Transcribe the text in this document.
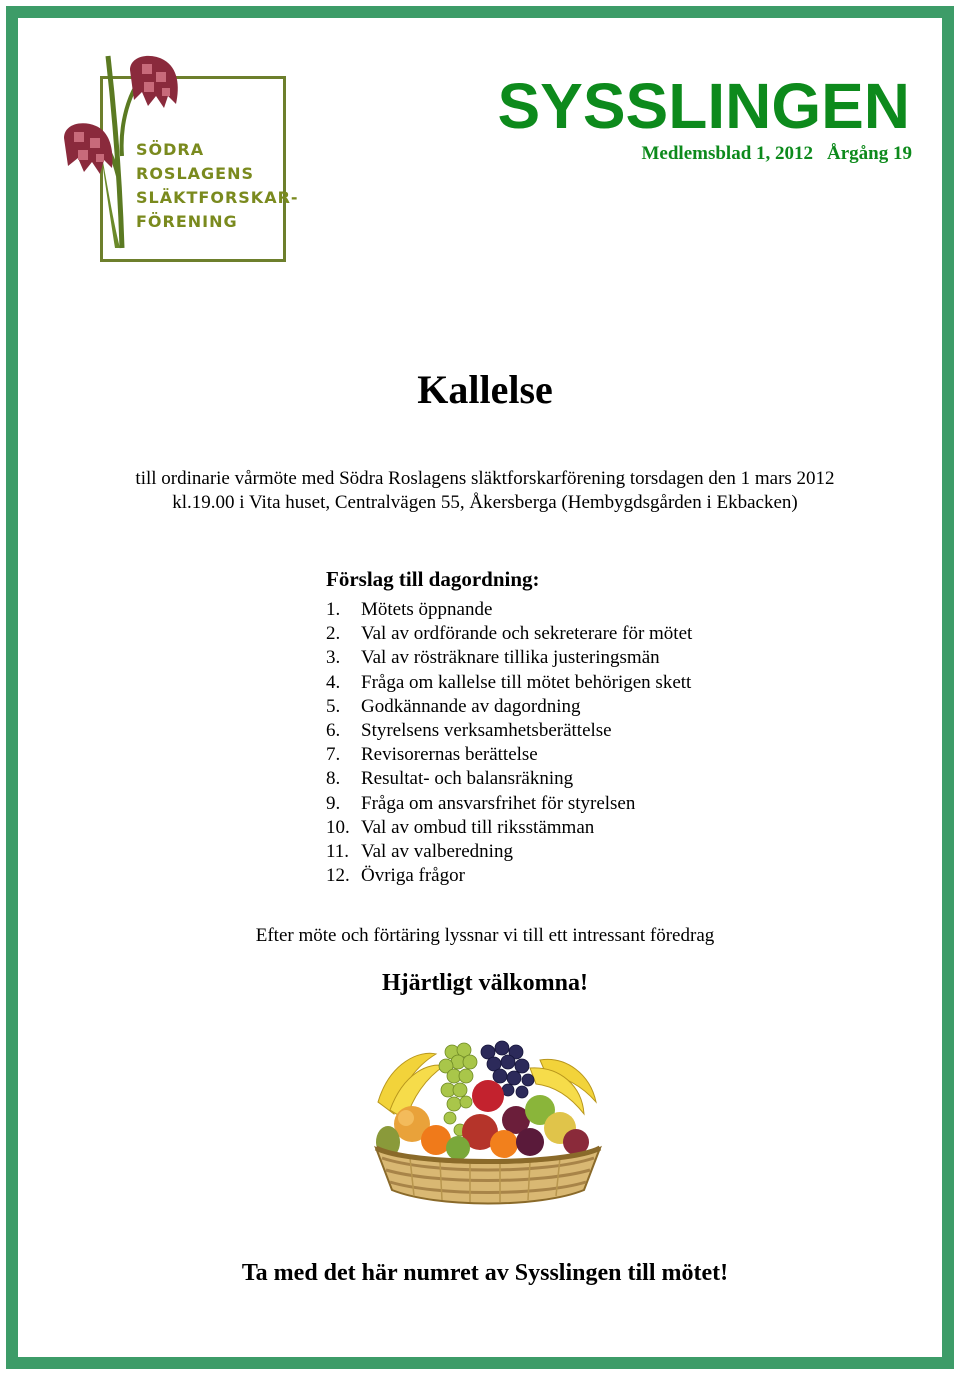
SÖDRA
ROSLAGENS
SLÄKTFORSKAR-
FÖRENING
SYSSLINGEN
Medlemsblad 1, 2012 Årgång 19
Kallelse
till ordinarie vårmöte med Södra Roslagens släktforskarförening torsdagen den 1 mars 2012
kl.19.00 i Vita huset, Centralvägen 55, Åkersberga (Hembygdsgården i Ekbacken)
Förslag till dagordning:
1. Mötets öppnande
2. Val av ordförande och sekreterare för mötet
3. Val av rösträknare tillika justeringsmän
4. Fråga om kallelse till mötet behörigen skett
5. Godkännande av dagordning
6. Styrelsens verksamhetsberättelse
7. Revisorernas berättelse
8. Resultat- och balansräkning
9. Fråga om ansvarsfrihet för styrelsen
10. Val av ombud till riksstämman
11. Val av valberedning
12. Övriga frågor
Efter möte och förtäring lyssnar vi till ett intressant föredrag
Hjärtligt välkomna!
Ta med det här numret av Sysslingen till mötet!
